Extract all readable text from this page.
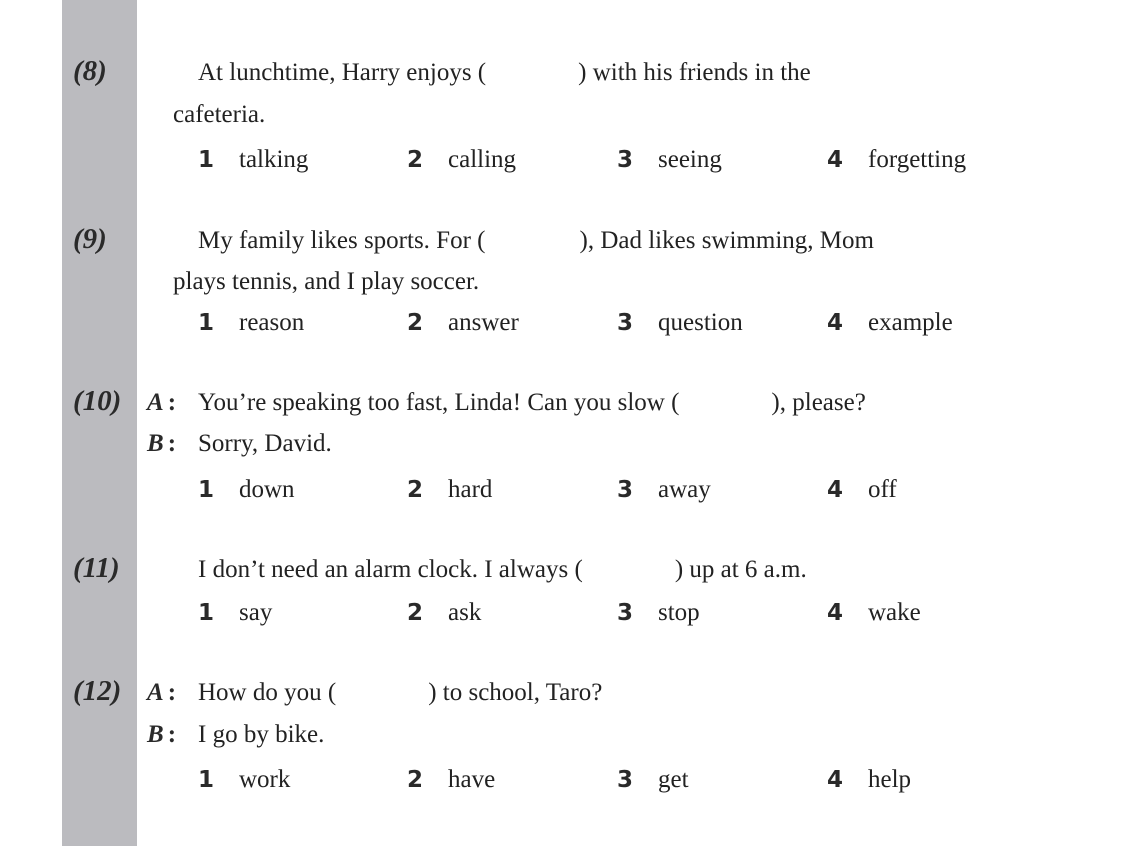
(8)	At lunchtime, Harry enjoys (	) with his friends in the
cafeteria.
1 talking	2 calling	3 seeing	4 forgetting
(9)	My family likes sports. For (	), Dad likes swimming, Mom
plays tennis, and I play soccer.
1 reason	2 answer	3 question	4 example
(10)	A : You’re speaking too fast, Linda! Can you slow (	), please?
B : Sorry, David.
1 down	2 hard	3 away	4 off
(11)	I don’t need an alarm clock. I always (	) up at 6 a.m.
1 say	2 ask	3 stop	4 wake
(12)	A : How do you (	) to school, Taro?
B : I go by bike.
1 work	2 have	3 get	4 help
